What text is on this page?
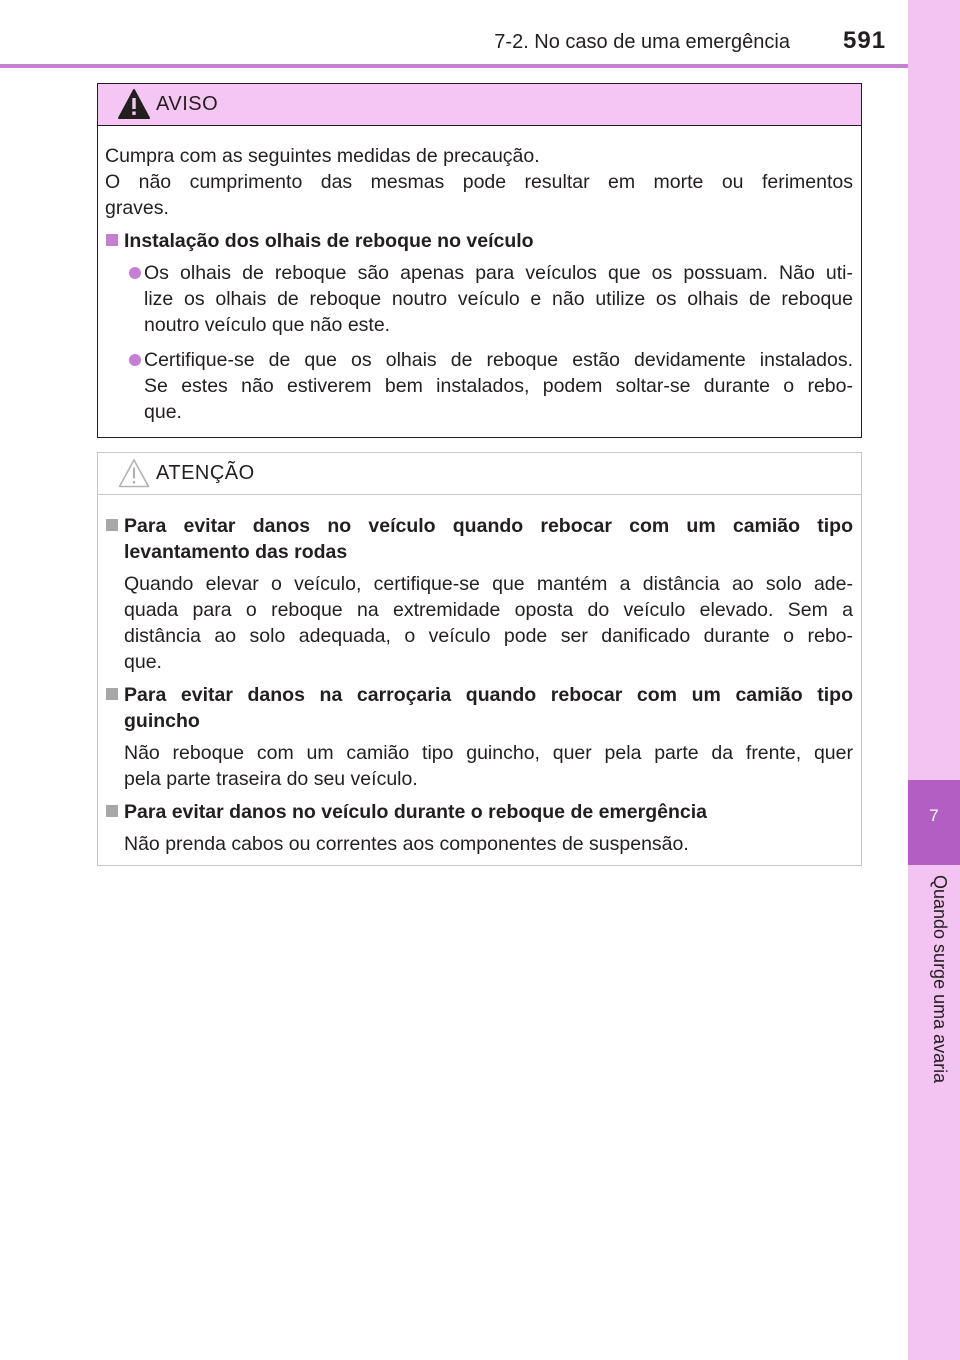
7-2. No caso de uma emergência 591
7
Quando surge uma avaria
AVISO

Cumpra com as seguintes medidas de precaução.

O não cumprimento das mesmas pode resultar em morte ou ferimentos
graves.

Instalação dos olhais de reboque no veículo

Os olhais de reboque são apenas para veículos que os possuam. Não uti-
lize os olhais de reboque noutro veículo e não utilize os olhais de reboque
noutro veículo que não este.

Certifique-se de que os olhais de reboque estão devidamente instalados.
Se estes não estiverem bem instalados, podem soltar-se durante o rebo-
que.

ATENÇÃO
Para evitar danos no veículo quando rebocar com um camião tipo
levantamento das rodas

Quando elevar o veículo, certifique-se que mantém a distância ao solo ade-
quada para o reboque na extremidade oposta do veículo elevado. Sem a
distância ao solo adequada, o veículo pode ser danificado durante o rebo-
que.

Para evitar danos na carroçaria quando rebocar com um camião tipo
guincho

Não reboque com um camião tipo guincho, quer pela parte da frente, quer
pela parte traseira do seu veículo.

Para evitar danos no veículo durante o reboque de emergência

Não prenda cabos ou correntes aos componentes de suspensão.
